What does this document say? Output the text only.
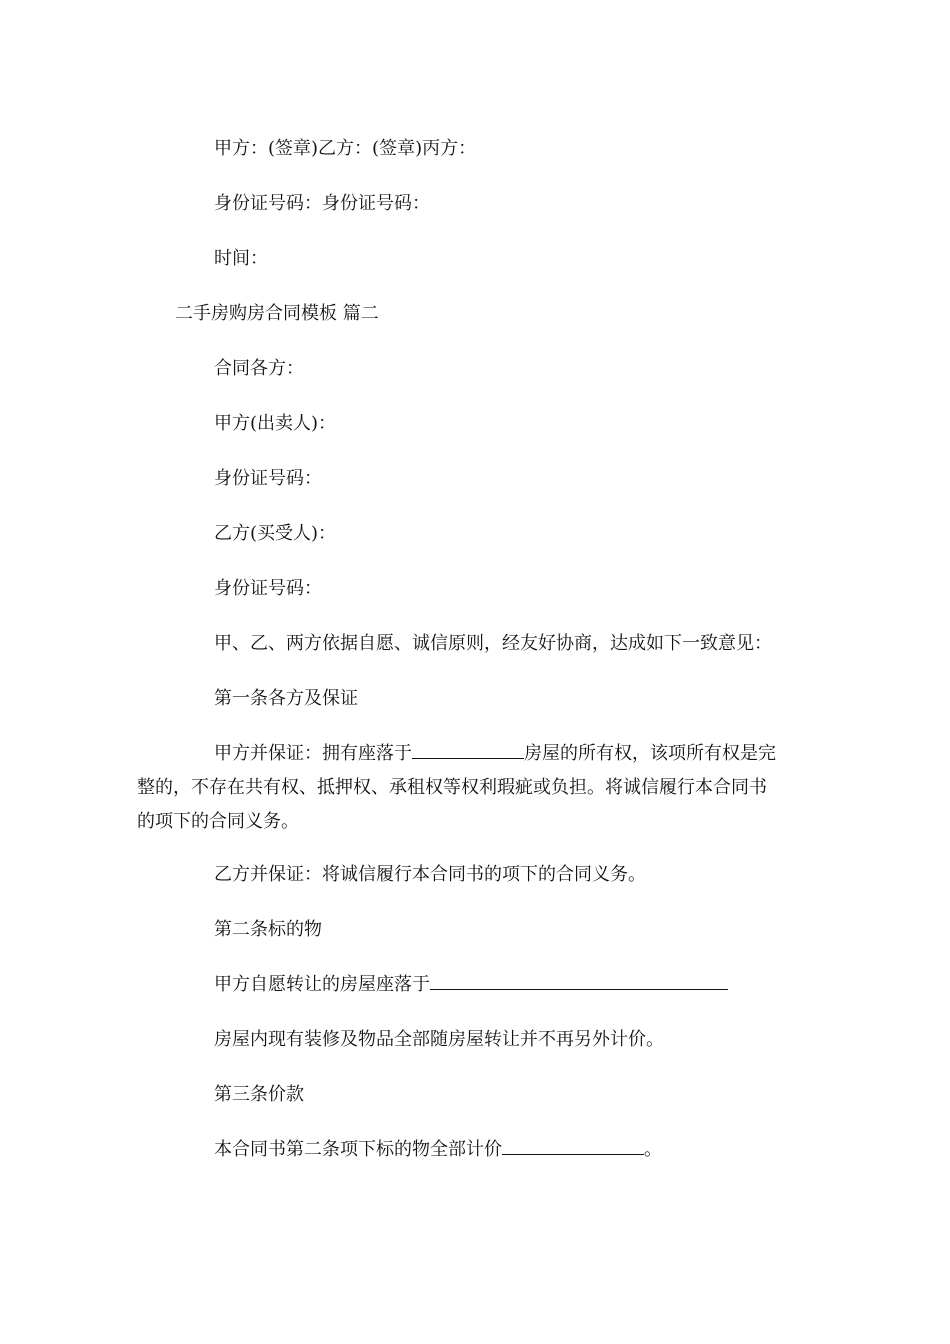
甲方：(签章)乙方：(签章)丙方：
身份证号码：身份证号码：
时间：
二手房购房合同模板 篇二
合同各方：
甲方(出卖人)：
身份证号码：
乙方(买受人)：
身份证号码：
甲、乙、两方依据自愿、诚信原则，经友好协商，达成如下一致意见：
第一条各方及保证
甲方并保证：拥有座落于	房屋的所有权，该项所有权是完
整的，不存在共有权、抵押权、承租权等权利瑕疵或负担。将诚信履行本合同书
的项下的合同义务。
乙方并保证：将诚信履行本合同书的项下的合同义务。
第二条标的物
甲方自愿转让的房屋座落于
房屋内现有装修及物品全部随房屋转让并不再另外计价。
第三条价款
本合同书第二条项下标的物全部计价	。
